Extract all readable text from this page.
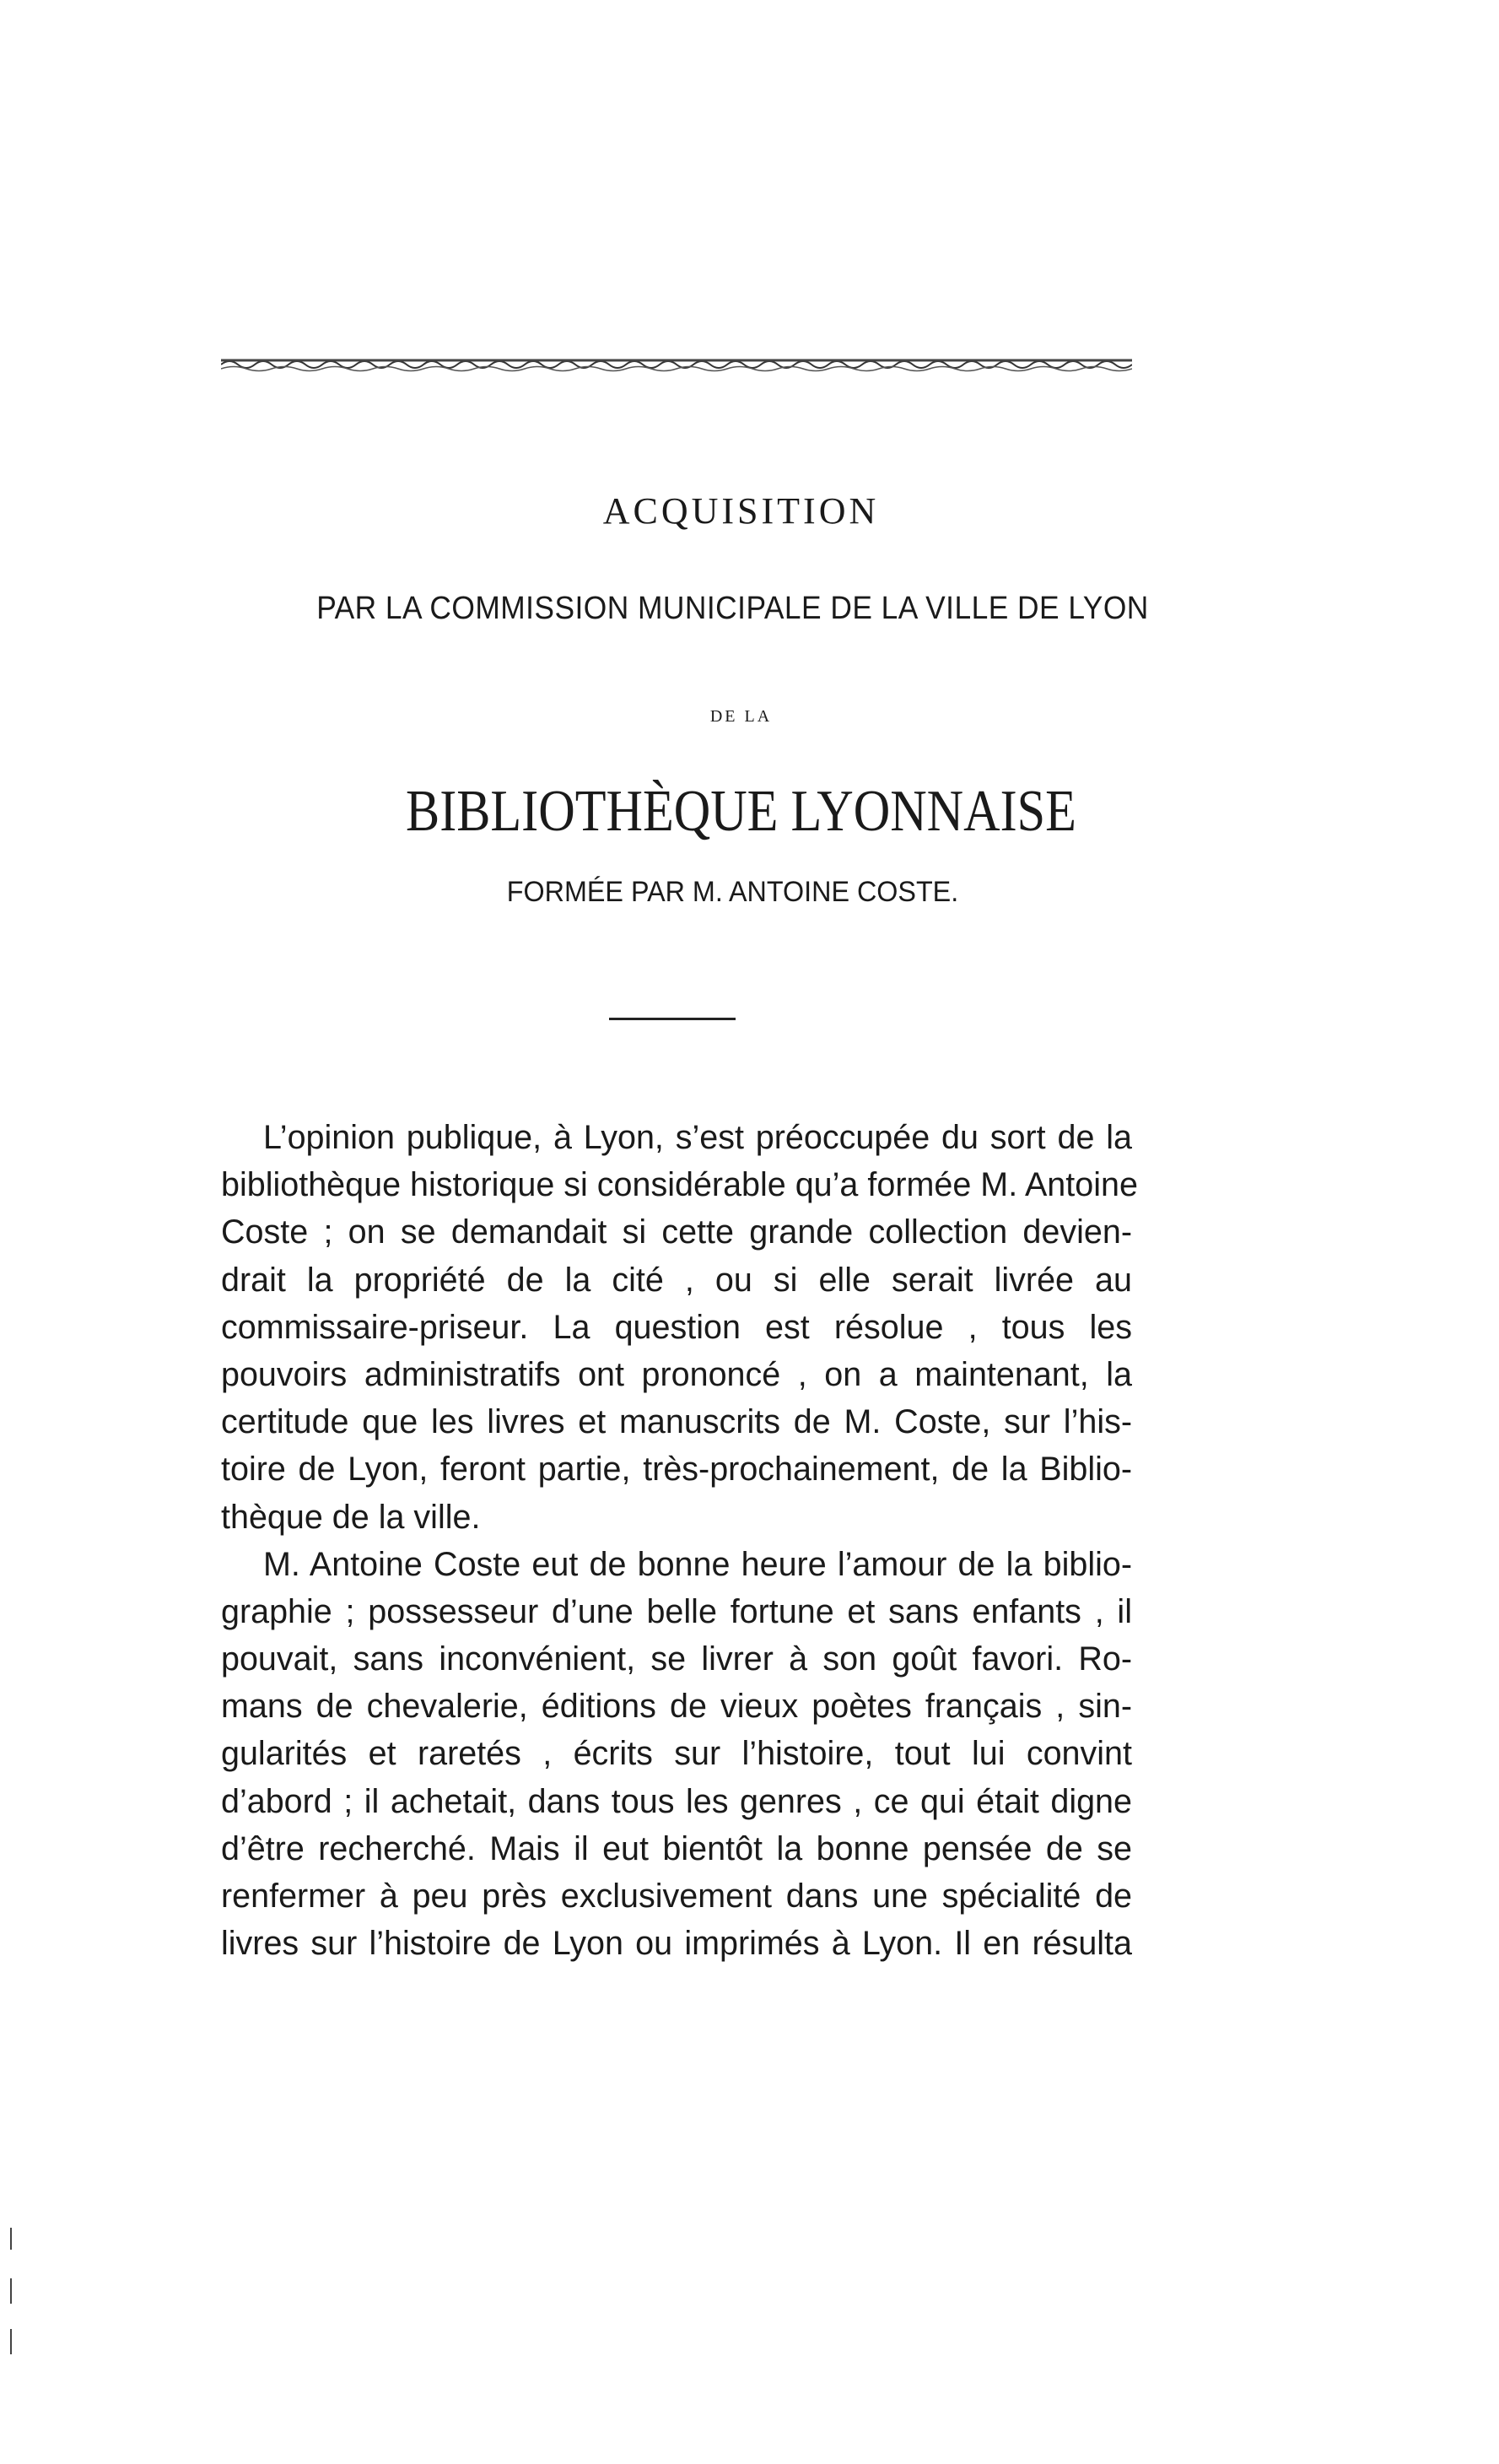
ACQUISITION
PAR LA COMMISSION MUNICIPALE DE LA VILLE DE LYON
DE LA
BIBLIOTHÈQUE LYONNAISE
FORMÉE PAR M. ANTOINE COSTE.
L’opinion publique, à Lyon, s’est préoccupée du sort de la
bibliothèque historique si considérable qu’a formée M. Antoine
Coste ; on se demandait si cette grande collection devien-
drait la propriété de la cité , ou si elle serait livrée au
commissaire-priseur. La question est résolue , tous les
pouvoirs administratifs ont prononcé , on a maintenant, la
certitude que les livres et manuscrits de M. Coste, sur l’his-
toire de Lyon, feront partie, très-prochainement, de la Biblio-
thèque de la ville.
M. Antoine Coste eut de bonne heure l’amour de la biblio-
graphie ; possesseur d’une belle fortune et sans enfants , il
pouvait, sans inconvénient, se livrer à son goût favori. Ro-
mans de chevalerie, éditions de vieux poètes français , sin-
gularités et raretés , écrits sur l’histoire, tout lui convint
d’abord ; il achetait, dans tous les genres , ce qui était digne
d’être recherché. Mais il eut bientôt la bonne pensée de se
renfermer à peu près exclusivement dans une spécialité de
livres sur l’histoire de Lyon ou imprimés à Lyon. Il en résulta
